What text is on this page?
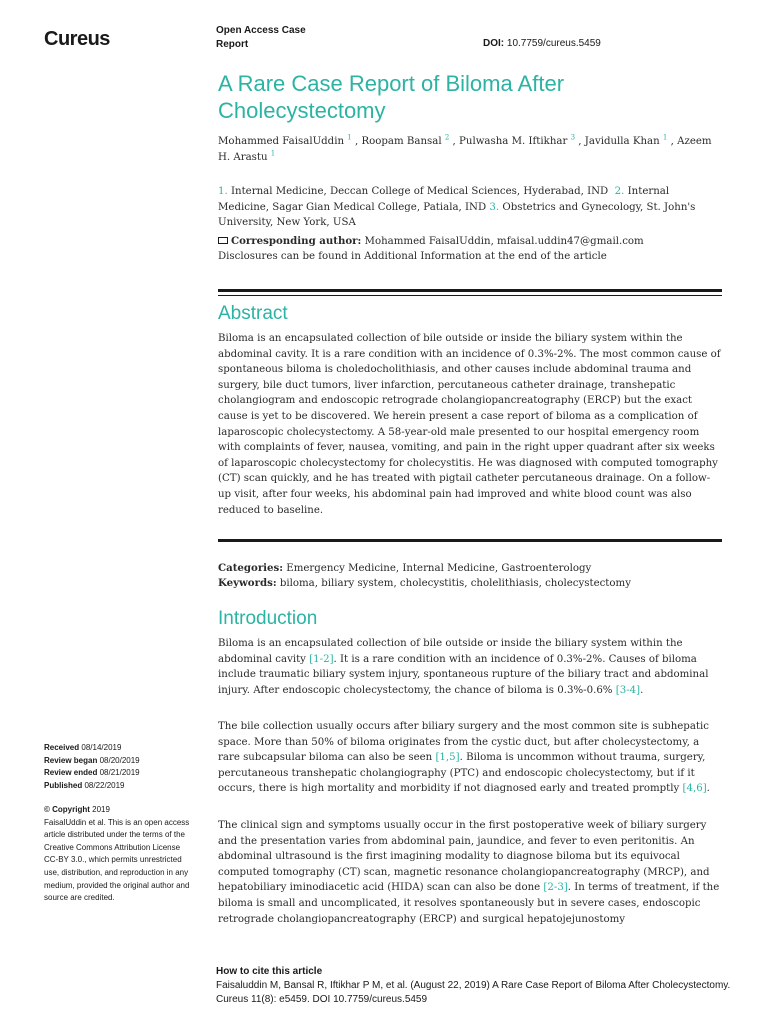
Cureus	Open Access Case Report	DOI: 10.7759/cureus.5459
A Rare Case Report of Biloma After Cholecystectomy
Mohammed FaisalUddin $^1$ , Roopam Bansal $^2$ , Pulwasha M. Iftikhar $^3$ , Javidulla Khan $^1$ , Azeem H. Arastu $^1$
1. Internal Medicine, Deccan College of Medical Sciences, Hyderabad, IND 2. Internal Medicine, Sagar Gian Medical College, Patiala, IND 3. Obstetrics and Gynecology, St. John's University, New York, USA
Corresponding author: Mohammed FaisalUddin, mfaisal.uddin47@gmail.com
Disclosures can be found in Additional Information at the end of the article
Abstract
Biloma is an encapsulated collection of bile outside or inside the biliary system within the abdominal cavity. It is a rare condition with an incidence of 0.3%-2%. The most common cause of spontaneous biloma is choledocholithiasis, and other causes include abdominal trauma and surgery, bile duct tumors, liver infarction, percutaneous catheter drainage, transhepatic cholangiogram and endoscopic retrograde cholangiopancreatography (ERCP) but the exact cause is yet to be discovered. We herein present a case report of biloma as a complication of laparoscopic cholecystectomy. A 58-year-old male presented to our hospital emergency room with complaints of fever, nausea, vomiting, and pain in the right upper quadrant after six weeks of laparoscopic cholecystectomy for cholecystitis. He was diagnosed with computed tomography (CT) scan quickly, and he has treated with pigtail catheter percutaneous drainage. On a follow-up visit, after four weeks, his abdominal pain had improved and white blood count was also reduced to baseline.
Categories: Emergency Medicine, Internal Medicine, Gastroenterology
Keywords: biloma, biliary system, cholecystitis, cholelithiasis, cholecystectomy
Introduction
Biloma is an encapsulated collection of bile outside or inside the biliary system within the abdominal cavity [1-2]. It is a rare condition with an incidence of 0.3%-2%. Causes of biloma include traumatic biliary system injury, spontaneous rupture of the biliary tract and abdominal injury. After endoscopic cholecystectomy, the chance of biloma is 0.3%-0.6% [3-4].
The bile collection usually occurs after biliary surgery and the most common site is subhepatic space. More than 50% of biloma originates from the cystic duct, but after cholecystectomy, a rare subcapsular biloma can also be seen [1,5]. Biloma is uncommon without trauma, surgery, percutaneous transhepatic cholangiography (PTC) and endoscopic cholecystectomy, but if it occurs, there is high mortality and morbidity if not diagnosed early and treated promptly [4,6].
The clinical sign and symptoms usually occur in the first postoperative week of biliary surgery and the presentation varies from abdominal pain, jaundice, and fever to even peritonitis. An abdominal ultrasound is the first imagining modality to diagnose biloma but its equivocal computed tomography (CT) scan, magnetic resonance cholangiopancreatography (MRCP), and hepatobiliary iminodiacetic acid (HIDA) scan can also be done [2-3]. In terms of treatment, if the biloma is small and uncomplicated, it resolves spontaneously but in severe cases, endoscopic retrograde cholangiopancreatography (ERCP) and surgical hepatojejunostomy
Received 08/14/2019
Review began 08/20/2019
Review ended 08/21/2019
Published 08/22/2019
© Copyright 2019
FaisalUddin et al. This is an open access article distributed under the terms of the Creative Commons Attribution License CC-BY 3.0., which permits unrestricted use, distribution, and reproduction in any medium, provided the original author and source are credited.
How to cite this article
Faisaluddin M, Bansal R, Iftikhar P M, et al. (August 22, 2019) A Rare Case Report of Biloma After Cholecystectomy. Cureus 11(8): e5459. DOI 10.7759/cureus.5459
